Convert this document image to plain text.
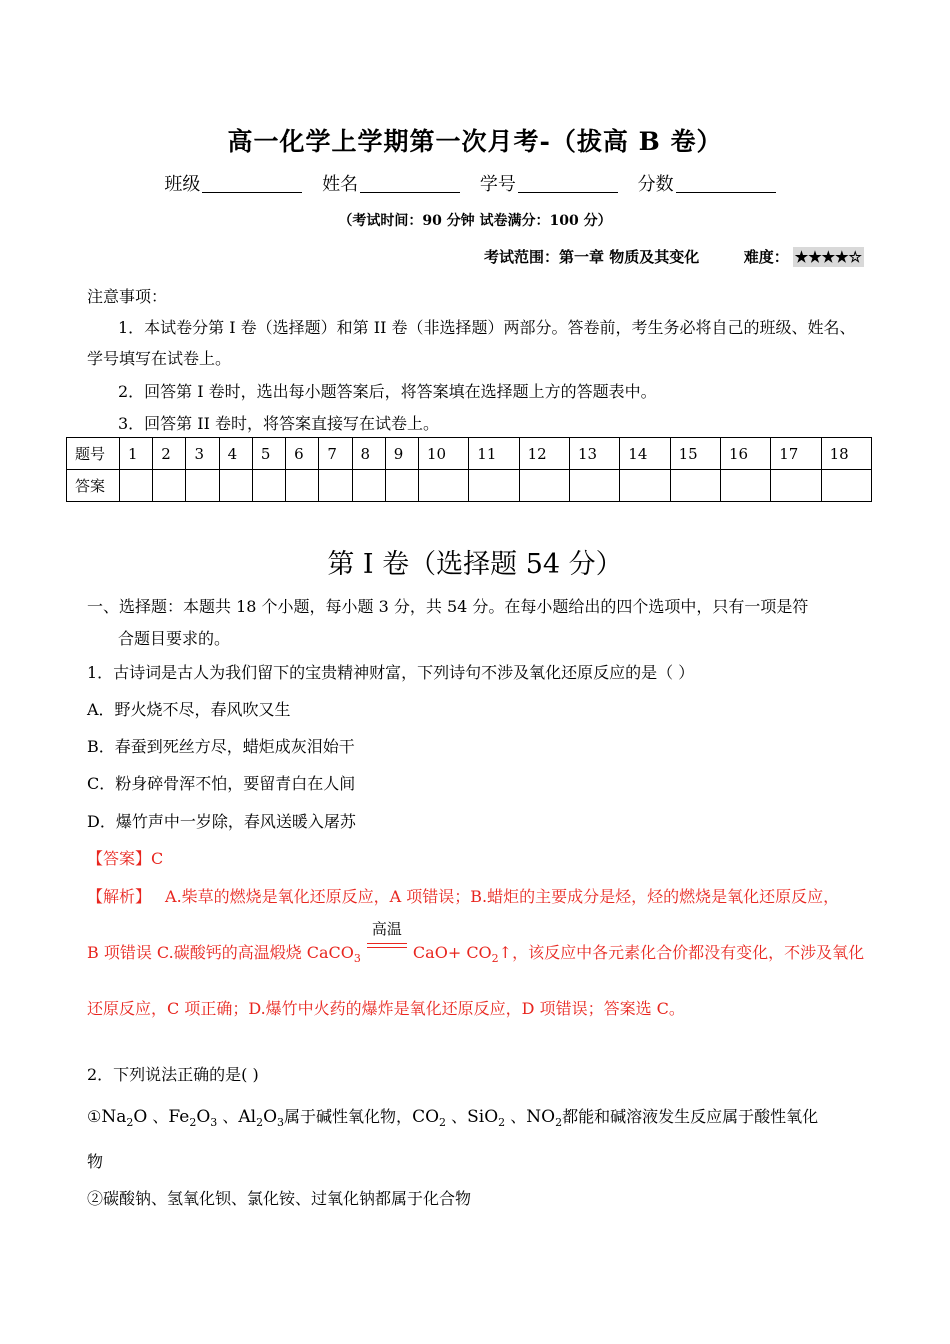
高一化学上学期第一次月考-（拔高 B 卷）
班级	姓名	学号	分数
（考试时间：90 分钟 试卷满分：100 分）
考试范围：第一章 物质及其变化	难度： ★★★★☆
注意事项：
1．本试卷分第 I 卷（选择题）和第 II 卷（非选择题）两部分。答卷前，考生务必将自己的班级、姓名、
学号填写在试卷上。
2．回答第 I 卷时，选出每小题答案后，将答案填在选择题上方的答题表中。
3．回答第 II 卷时，将答案直接写在试卷上。
题号	1	2	3	4	5	6	7	8	9	10	11	12	13	14	15	16	17	18
答案																		
第 I 卷（选择题 54 分）
一、选择题：本题共 18 个小题，每小题 3 分，共 54 分。在每小题给出的四个选项中，只有一项是符
合题目要求的。
1．古诗词是古人为我们留下的宝贵精神财富，下列诗句不涉及氧化还原反应的是（ ）
A．野火烧不尽，春风吹又生
B．春蚕到死丝方尽，蜡炬成灰泪始干
C．粉身碎骨浑不怕，要留青白在人间
D．爆竹声中一岁除，春风送暖入屠苏
【答案】C
【解析】 A.柴草的燃烧是氧化还原反应，A 项错误；B.蜡炬的主要成分是烃，烃的燃烧是氧化还原反应，
B 项错误 C.碳酸钙的高温煅烧 CaCO$_3$
高温
$CaO+ CO_2↑$，该反应中各元素化合价都没有变化，不涉及氧化
还原反应，C 项正确；D.爆竹中火药的爆炸是氧化还原反应，D 项错误；答案选 C。
2．下列说法正确的是( )
$①Na_2O$ 、$Fe_2O_3$ 、$Al_2O_3$属于碱性氧化物，$CO_2$ 、SiO$_2$ 、$NO_2$都能和碱溶液发生反应属于酸性氧化
物
②碳酸钠、氢氧化钡、氯化铵、过氧化钠都属于化合物
